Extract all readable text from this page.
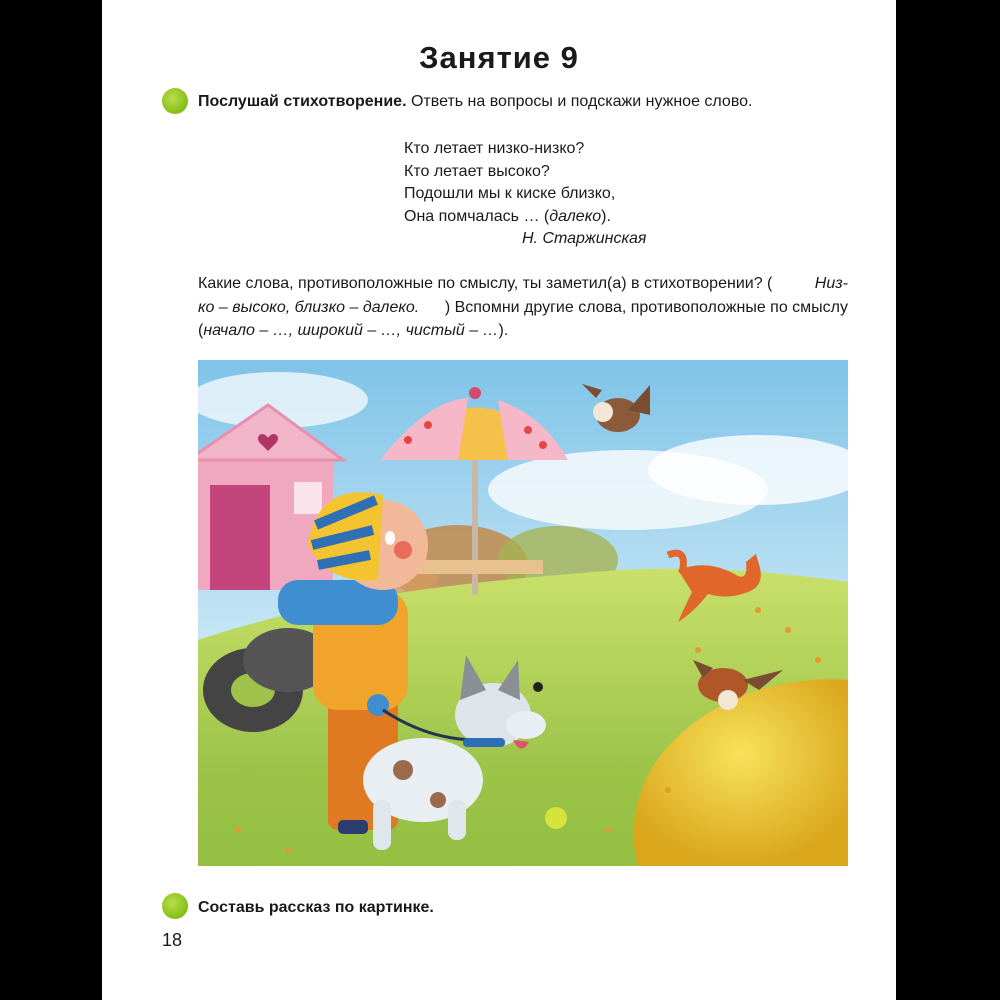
Занятие 9
Послушай стихотворение. Ответь на вопросы и подскажи нужное слово.
Кто летает низко-низко?
Кто летает высоко?
Подошли мы к киске близко,
Она помчалась … (далеко).
Н. Старжинская
Какие слова, противоположные по смыслу, ты заметил(а) в стихотворении? (	Низ-
ко – высоко, близко – далеко. ) Вспомни другие слова, противоположные по смыслу
(начало – …, широкий – …, чистый – …).
Составь рассказ по картинке.
18
